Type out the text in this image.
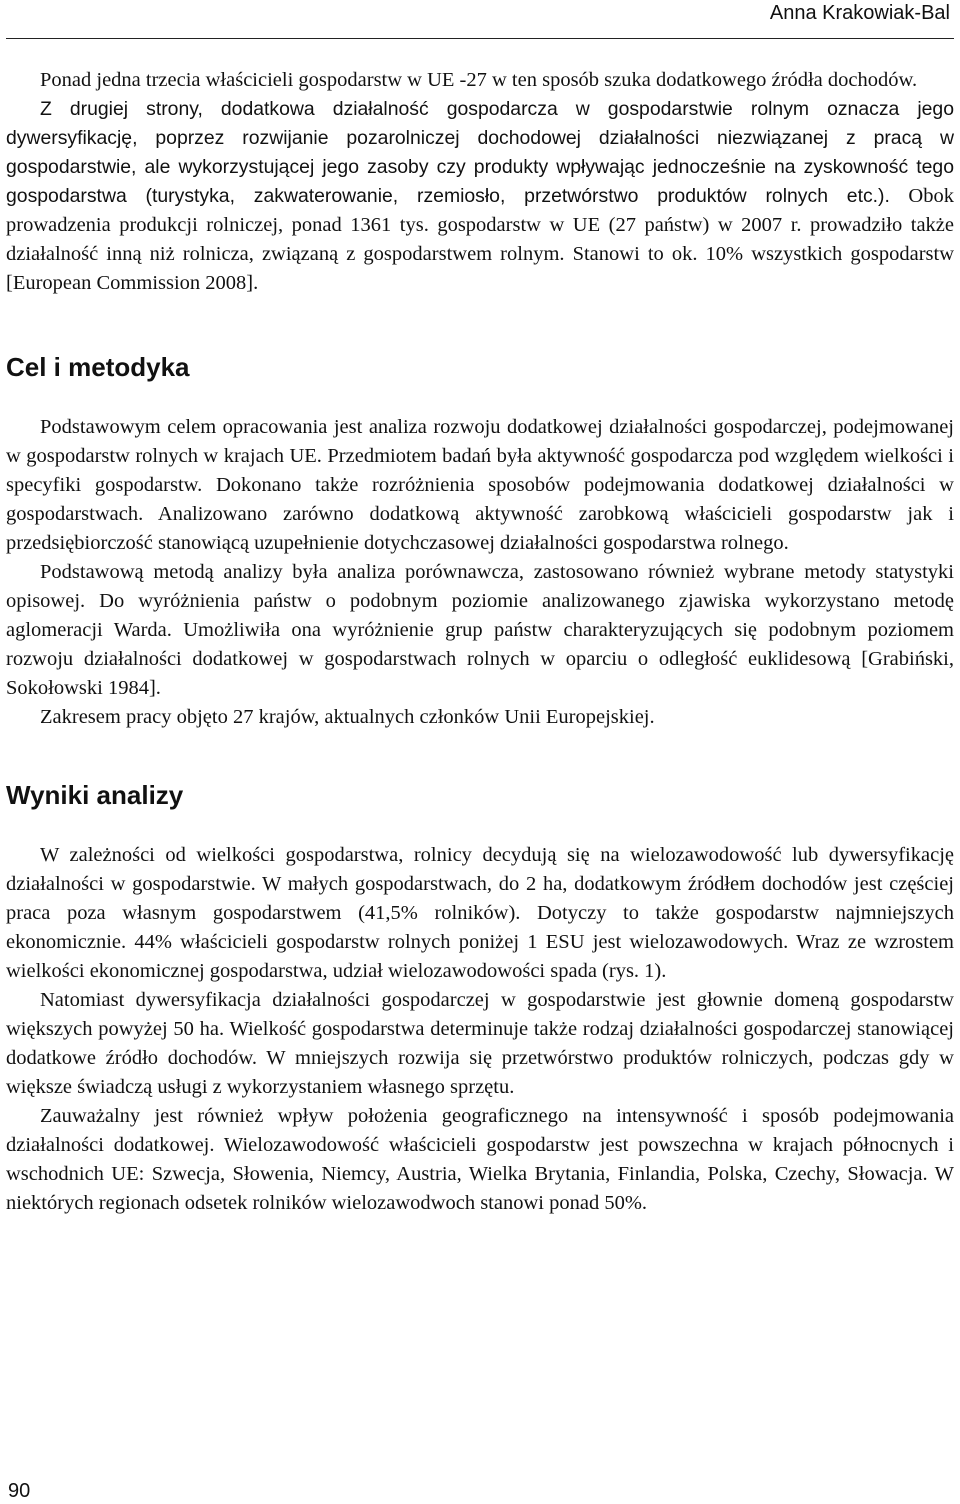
Anna Krakowiak-Bal

Ponad jedna trzecia właścicieli gospodarstw w UE -27 w ten sposób szuka dodatkowego źródła dochodów.

Z drugiej strony, dodatkowa działalność gospodarcza w gospodarstwie rolnym oznacza jego dywersyfikację, poprzez rozwijanie pozarolniczej dochodowej działalności niezwiązanej z pracą w gospodarstwie, ale wykorzystującej jego zasoby czy produkty wpływając jednocześnie na zyskowność tego gospodarstwa (turystyka, zakwaterowanie, rzemiosło, przetwórstwo produktów rolnych etc.). Obok prowadzenia produkcji rolniczej, ponad 1361 tys. gospodarstw w UE (27 państw) w 2007 r. prowadziło także działalność inną niż rolnicza, związaną z gospodarstwem rolnym. Stanowi to ok. 10% wszystkich gospodarstw [European Commission 2008].

Cel i metodyka

Podstawowym celem opracowania jest analiza rozwoju dodatkowej działalności gospodarczej, podejmowanej w gospodarstw rolnych w krajach UE. Przedmiotem badań była aktywność gospodarcza pod względem wielkości i specyfiki gospodarstw. Dokonano także rozróżnienia sposobów podejmowania dodatkowej działalności w gospodarstwach. Analizowano zarówno dodatkową aktywność zarobkową właścicieli gospodarstw jak i przedsiębiorczość stanowiącą uzupełnienie dotychczasowej działalności gospodarstwa rolnego.

Podstawową metodą analizy była analiza porównawcza, zastosowano również wybrane metody statystyki opisowej. Do wyróżnienia państw o podobnym poziomie analizowanego zjawiska wykorzystano metodę aglomeracji Warda. Umożliwiła ona wyróżnienie grup państw charakteryzujących się podobnym poziomem rozwoju działalności dodatkowej w gospodarstwach rolnych w oparciu o odległość euklidesową [Grabiński, Sokołowski 1984].

Zakresem pracy objęto 27 krajów, aktualnych członków Unii Europejskiej.

Wyniki analizy

W zależności od wielkości gospodarstwa, rolnicy decydują się na wielozawodowość lub dywersyfikację działalności w gospodarstwie. W małych gospodarstwach, do 2 ha, dodatkowym źródłem dochodów jest częściej praca poza własnym gospodarstwem (41,5% rolników). Dotyczy to także gospodarstw najmniejszych ekonomicznie. 44% właścicieli gospodarstw rolnych poniżej 1 ESU jest wielozawodowych. Wraz ze wzrostem wielkości ekonomicznej gospodarstwa, udział wielozawodowości spada (rys. 1).

Natomiast dywersyfikacja działalności gospodarczej w gospodarstwie jest głownie domeną gospodarstw większych powyżej 50 ha. Wielkość gospodarstwa determinuje także rodzaj działalności gospodarczej stanowiącej dodatkowe źródło dochodów. W mniejszych rozwija się przetwórstwo produktów rolniczych, podczas gdy w większe świadczą usługi z wykorzystaniem własnego sprzętu.

Zauważalny jest również wpływ położenia geograficznego na intensywność i sposób podejmowania działalności dodatkowej. Wielozawodowość właścicieli gospodarstw jest powszechna w krajach północnych i wschodnich UE: Szwecja, Słowenia, Niemcy, Austria, Wielka Brytania, Finlandia, Polska, Czechy, Słowacja. W niektórych regionach odsetek rolników wielozawodwoch stanowi ponad 50%.

90
